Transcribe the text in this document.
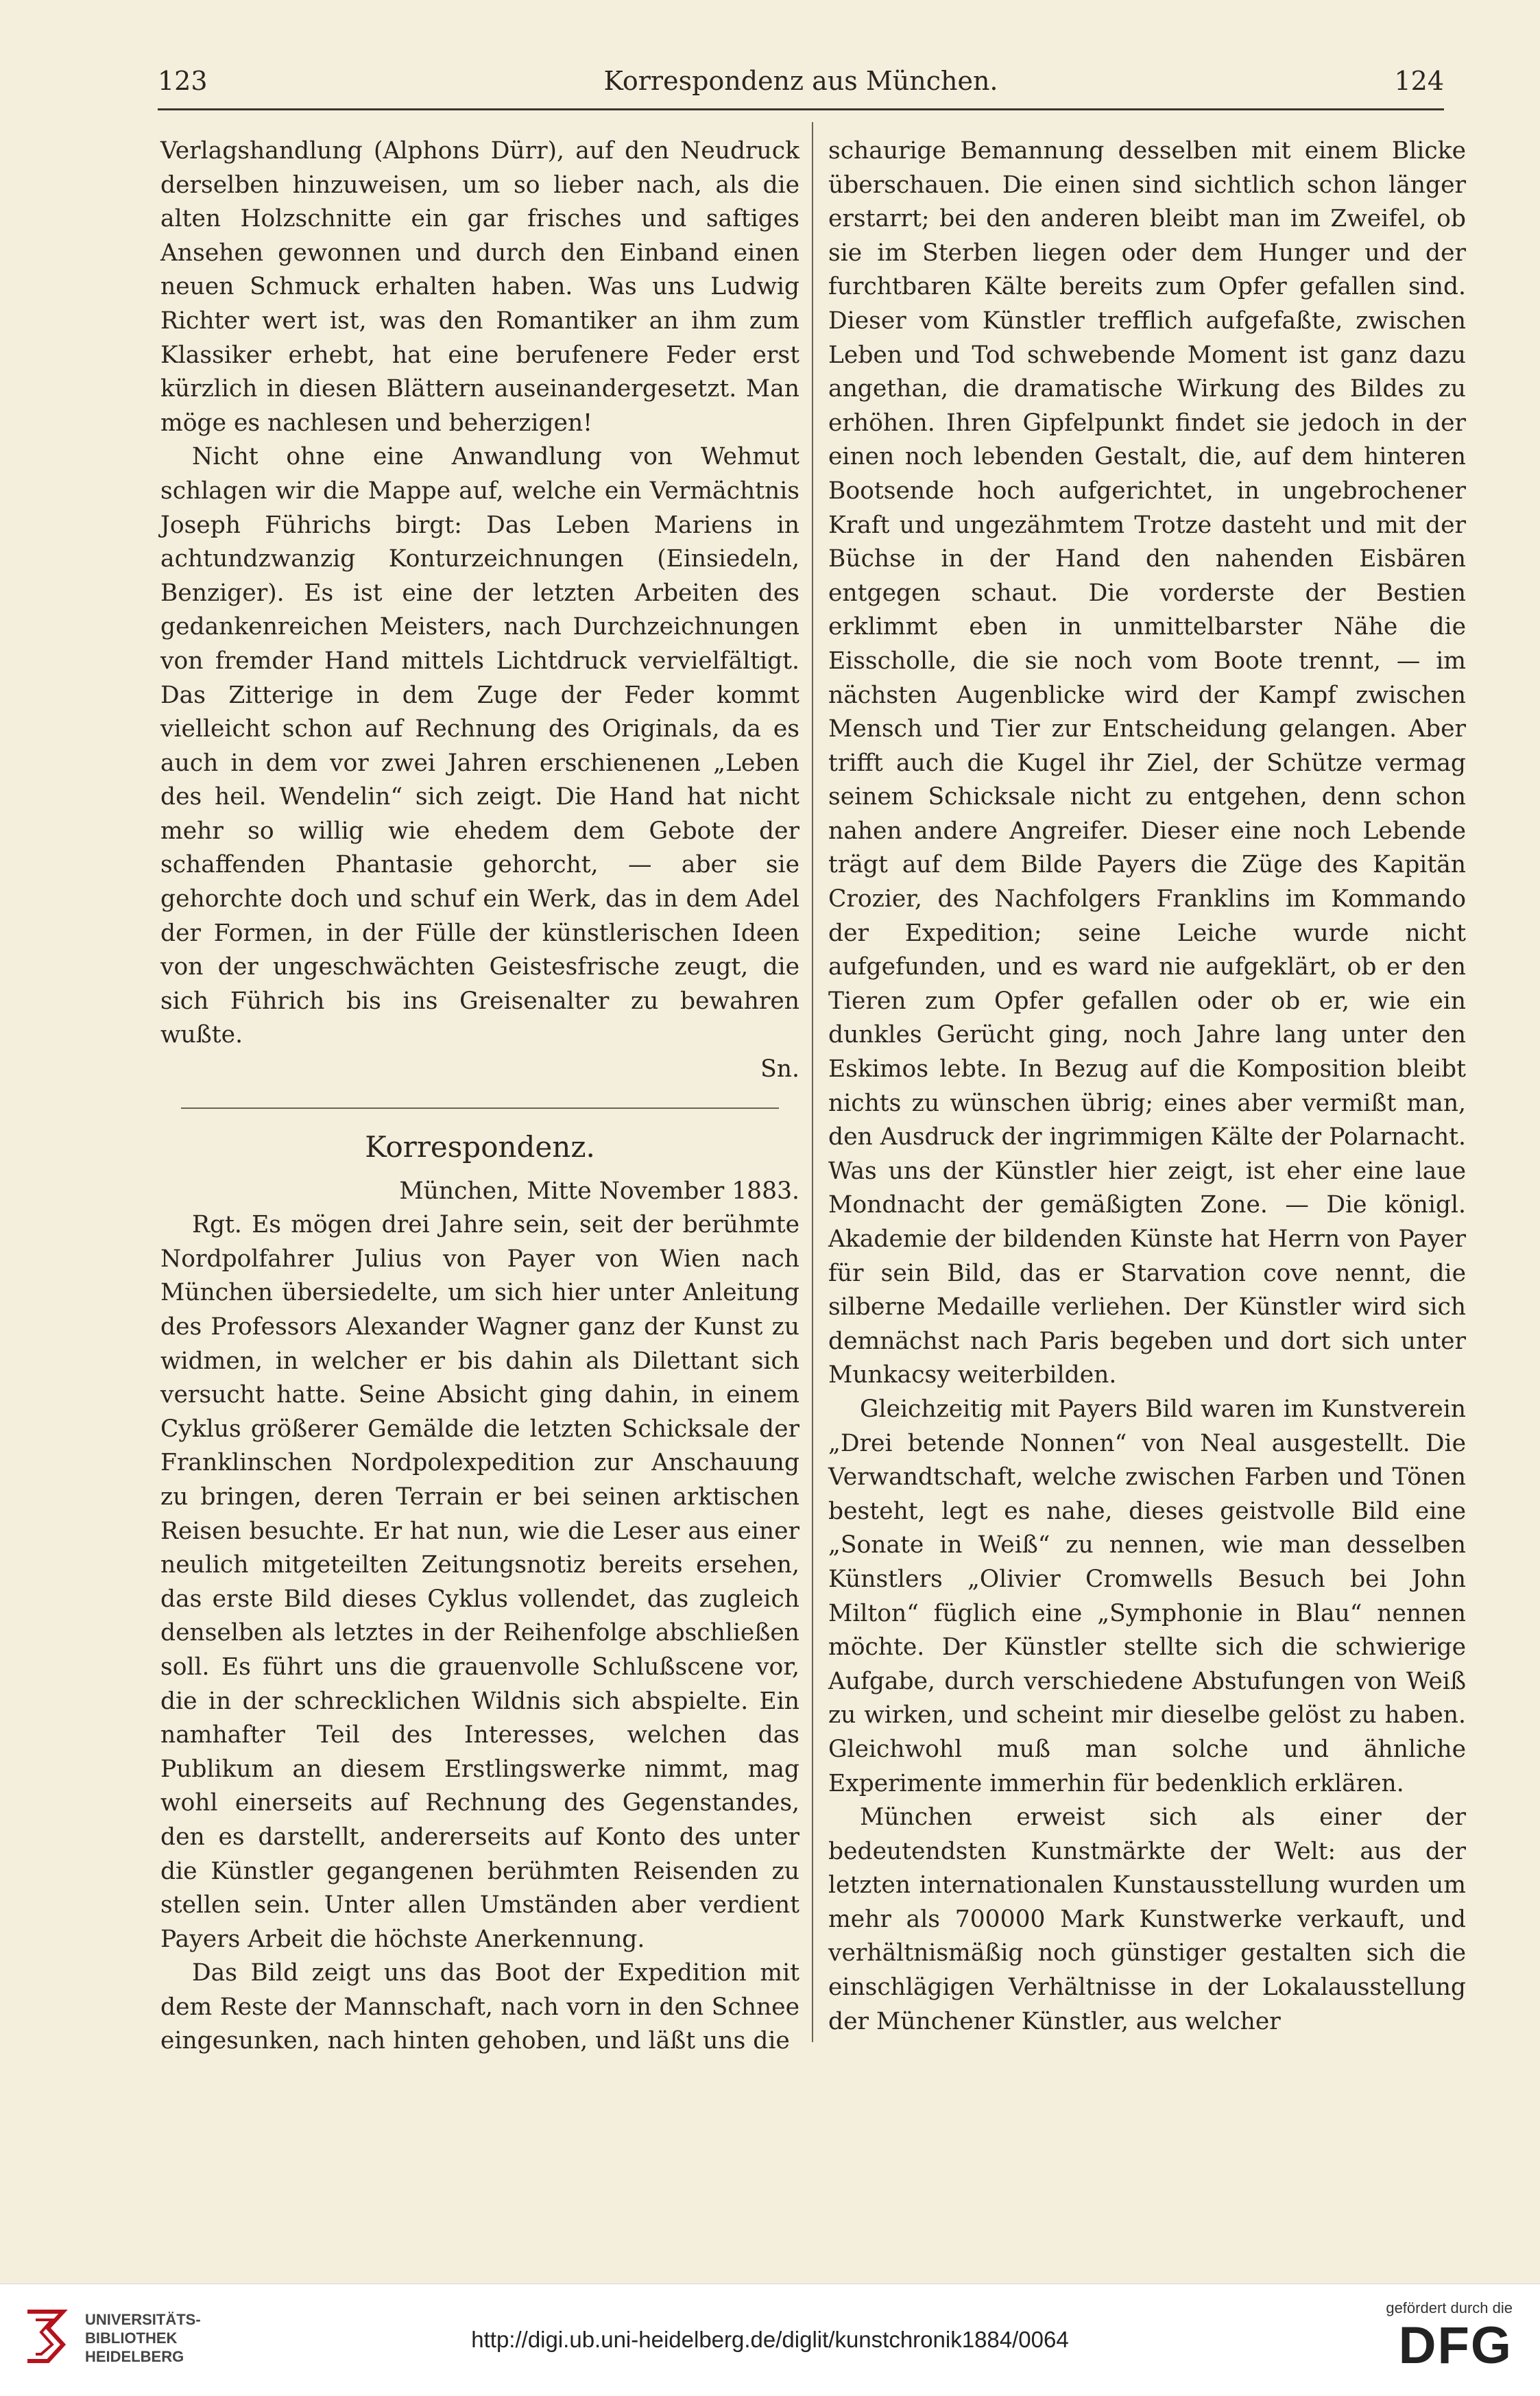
123	Korrespondenz aus München.	124

Verlagshandlung (Alphons Dürr), auf den Neudruck derselben hinzuweisen, um so lieber nach, als die alten Holzschnitte ein gar frisches und saftiges Ansehen gewonnen und durch den Einband einen neuen Schmuck erhalten haben. Was uns Ludwig Richter wert ist, was den Romantiker an ihm zum Klassiker erhebt, hat eine berufenere Feder erst kürzlich in diesen Blättern auseinandergesetzt. Man möge es nachlesen und beherzigen!

Nicht ohne eine Anwandlung von Wehmut schlagen wir die Mappe auf, welche ein Vermächtnis Joseph Führichs birgt: Das Leben Mariens in achtundzwanzig Konturzeichnungen (Einsiedeln, Benziger). Es ist eine der letzten Arbeiten des gedankenreichen Meisters, nach Durchzeichnungen von fremder Hand mittels Lichtdruck vervielfältigt. Das Zitterige in dem Zuge der Feder kommt vielleicht schon auf Rechnung des Originals, da es auch in dem vor zwei Jahren erschienenen „Leben des heil. Wendelin“ sich zeigt. Die Hand hat nicht mehr so willig wie ehedem dem Gebote der schaffenden Phantasie gehorcht, — aber sie gehorchte doch und schuf ein Werk, das in dem Adel der Formen, in der Fülle der künstlerischen Ideen von der ungeschwächten Geistesfrische zeugt, die sich Führich bis ins Greisenalter zu bewahren wußte.

Sn.

Korrespondenz.

München, Mitte November 1883.

Rgt. Es mögen drei Jahre sein, seit der berühmte Nordpolfahrer Julius von Payer von Wien nach München übersiedelte, um sich hier unter Anleitung des Professors Alexander Wagner ganz der Kunst zu widmen, in welcher er bis dahin als Dilettant sich versucht hatte. Seine Absicht ging dahin, in einem Cyklus größerer Gemälde die letzten Schicksale der Franklinschen Nordpolexpedition zur Anschauung zu bringen, deren Terrain er bei seinen arktischen Reisen besuchte. Er hat nun, wie die Leser aus einer neulich mitgeteilten Zeitungsnotiz bereits ersehen, das erste Bild dieses Cyklus vollendet, das zugleich denselben als letztes in der Reihenfolge abschließen soll. Es führt uns die grauenvolle Schlußscene vor, die in der schrecklichen Wildnis sich abspielte. Ein namhafter Teil des Interesses, welchen das Publikum an diesem Erstlingswerke nimmt, mag wohl einerseits auf Rechnung des Gegenstandes, den es darstellt, andererseits auf Konto des unter die Künstler gegangenen berühmten Reisenden zu stellen sein. Unter allen Umständen aber verdient Payers Arbeit die höchste Anerkennung.

Das Bild zeigt uns das Boot der Expedition mit dem Reste der Mannschaft, nach vorn in den Schnee eingesunken, nach hinten gehoben, und läßt uns die

schaurige Bemannung desselben mit einem Blicke überschauen. Die einen sind sichtlich schon länger erstarrt; bei den anderen bleibt man im Zweifel, ob sie im Sterben liegen oder dem Hunger und der furchtbaren Kälte bereits zum Opfer gefallen sind. Dieser vom Künstler trefflich aufgefaßte, zwischen Leben und Tod schwebende Moment ist ganz dazu angethan, die dramatische Wirkung des Bildes zu erhöhen. Ihren Gipfelpunkt findet sie jedoch in der einen noch lebenden Gestalt, die, auf dem hinteren Bootsende hoch aufgerichtet, in ungebrochener Kraft und ungezähmtem Trotze dasteht und mit der Büchse in der Hand den nahenden Eisbären entgegen schaut. Die vorderste der Bestien erklimmt eben in unmittelbarster Nähe die Eisscholle, die sie noch vom Boote trennt, — im nächsten Augenblicke wird der Kampf zwischen Mensch und Tier zur Entscheidung gelangen. Aber trifft auch die Kugel ihr Ziel, der Schütze vermag seinem Schicksale nicht zu entgehen, denn schon nahen andere Angreifer. Dieser eine noch Lebende trägt auf dem Bilde Payers die Züge des Kapitän Crozier, des Nachfolgers Franklins im Kommando der Expedition; seine Leiche wurde nicht aufgefunden, und es ward nie aufgeklärt, ob er den Tieren zum Opfer gefallen oder ob er, wie ein dunkles Gerücht ging, noch Jahre lang unter den Eskimos lebte. In Bezug auf die Komposition bleibt nichts zu wünschen übrig; eines aber vermißt man, den Ausdruck der ingrimmigen Kälte der Polarnacht. Was uns der Künstler hier zeigt, ist eher eine laue Mondnacht der gemäßigten Zone. — Die königl. Akademie der bildenden Künste hat Herrn von Payer für sein Bild, das er Starvation cove nennt, die silberne Medaille verliehen. Der Künstler wird sich demnächst nach Paris begeben und dort sich unter Munkacsy weiterbilden.

Gleichzeitig mit Payers Bild waren im Kunstverein „Drei betende Nonnen“ von Neal ausgestellt. Die Verwandtschaft, welche zwischen Farben und Tönen besteht, legt es nahe, dieses geistvolle Bild eine „Sonate in Weiß“ zu nennen, wie man desselben Künstlers „Olivier Cromwells Besuch bei John Milton“ füglich eine „Symphonie in Blau“ nennen möchte. Der Künstler stellte sich die schwierige Aufgabe, durch verschiedene Abstufungen von Weiß zu wirken, und scheint mir dieselbe gelöst zu haben. Gleichwohl muß man solche und ähnliche Experimente immerhin für bedenklich erklären.

München erweist sich als einer der bedeutendsten Kunstmärkte der Welt: aus der letzten internationalen Kunstausstellung wurden um mehr als 700000 Mark Kunstwerke verkauft, und verhältnismäßig noch günstiger gestalten sich die einschlägigen Verhältnisse in der Lokalausstellung der Münchener Künstler, aus welcher

UNIVERSITÄTS-
BIBLIOTHEK
HEIDELBERG
http://digi.ub.uni-heidelberg.de/diglit/kunstchronik1884/0064
gefördert durch die
DFG
